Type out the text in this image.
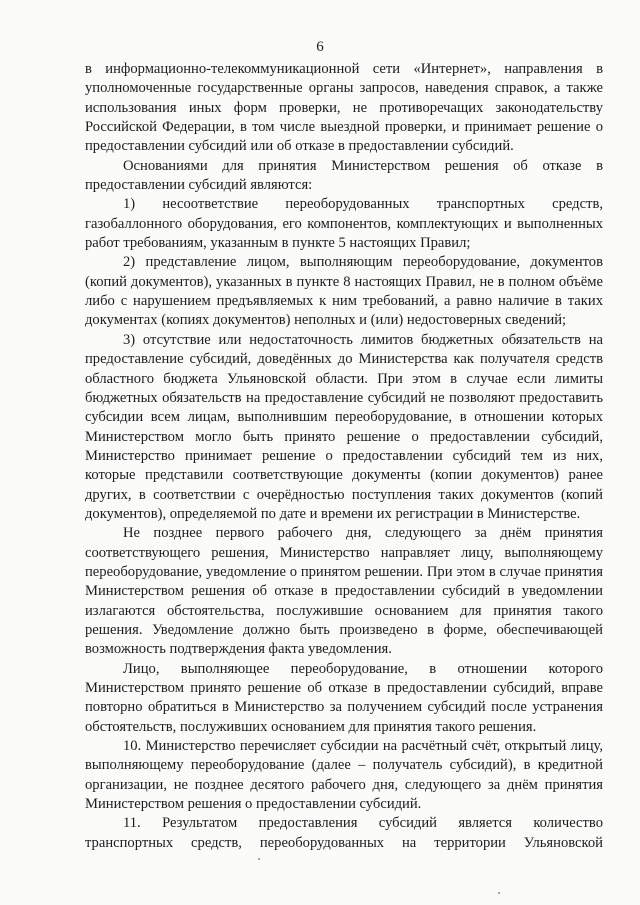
6

в информационно-телекоммуникационной сети «Интернет», направления в уполномоченные государственные органы запросов, наведения справок, а также использования иных форм проверки, не противоречащих законодательству Российской Федерации, в том числе выездной проверки, и принимает решение о предоставлении субсидий или об отказе в предоставлении субсидий.

Основаниями для принятия Министерством решения об отказе в предоставлении субсидий являются:

1) несоответствие переоборудованных транспортных средств, газобаллонного оборудования, его компонентов, комплектующих и выполненных работ требованиям, указанным в пункте 5 настоящих Правил;

2) представление лицом, выполняющим переоборудование, документов (копий документов), указанных в пункте 8 настоящих Правил, не в полном объёме либо с нарушением предъявляемых к ним требований, а равно наличие в таких документах (копиях документов) неполных и (или) недостоверных сведений;

3) отсутствие или недостаточность лимитов бюджетных обязательств на предоставление субсидий, доведённых до Министерства как получателя средств областного бюджета Ульяновской области. При этом в случае если лимиты бюджетных обязательств на предоставление субсидий не позволяют предоставить субсидии всем лицам, выполнившим переоборудование, в отношении которых Министерством могло быть принято решение о предоставлении субсидий, Министерство принимает решение о предоставлении субсидий тем из них, которые представили соответствующие документы (копии документов) ранее других, в соответствии с очерёдностью поступления таких документов (копий документов), определяемой по дате и времени их регистрации в Министерстве.

Не позднее первого рабочего дня, следующего за днём принятия соответствующего решения, Министерство направляет лицу, выполняющему переоборудование, уведомление о принятом решении. При этом в случае принятия Министерством решения об отказе в предоставлении субсидий в уведомлении излагаются обстоятельства, послужившие основанием для принятия такого решения. Уведомление должно быть произведено в форме, обеспечивающей возможность подтверждения факта уведомления.

Лицо, выполняющее переоборудование, в отношении которого Министерством принято решение об отказе в предоставлении субсидий, вправе повторно обратиться в Министерство за получением субсидий после устранения обстоятельств, послуживших основанием для принятия такого решения.

10. Министерство перечисляет субсидии на расчётный счёт, открытый лицу, выполняющему переоборудование (далее – получатель субсидий), в кредитной организации, не позднее десятого рабочего дня, следующего за днём принятия Министерством решения о предоставлении субсидий.

11. Результатом предоставления субсидий является количество транспортных средств, переоборудованных на территории Ульяновской
